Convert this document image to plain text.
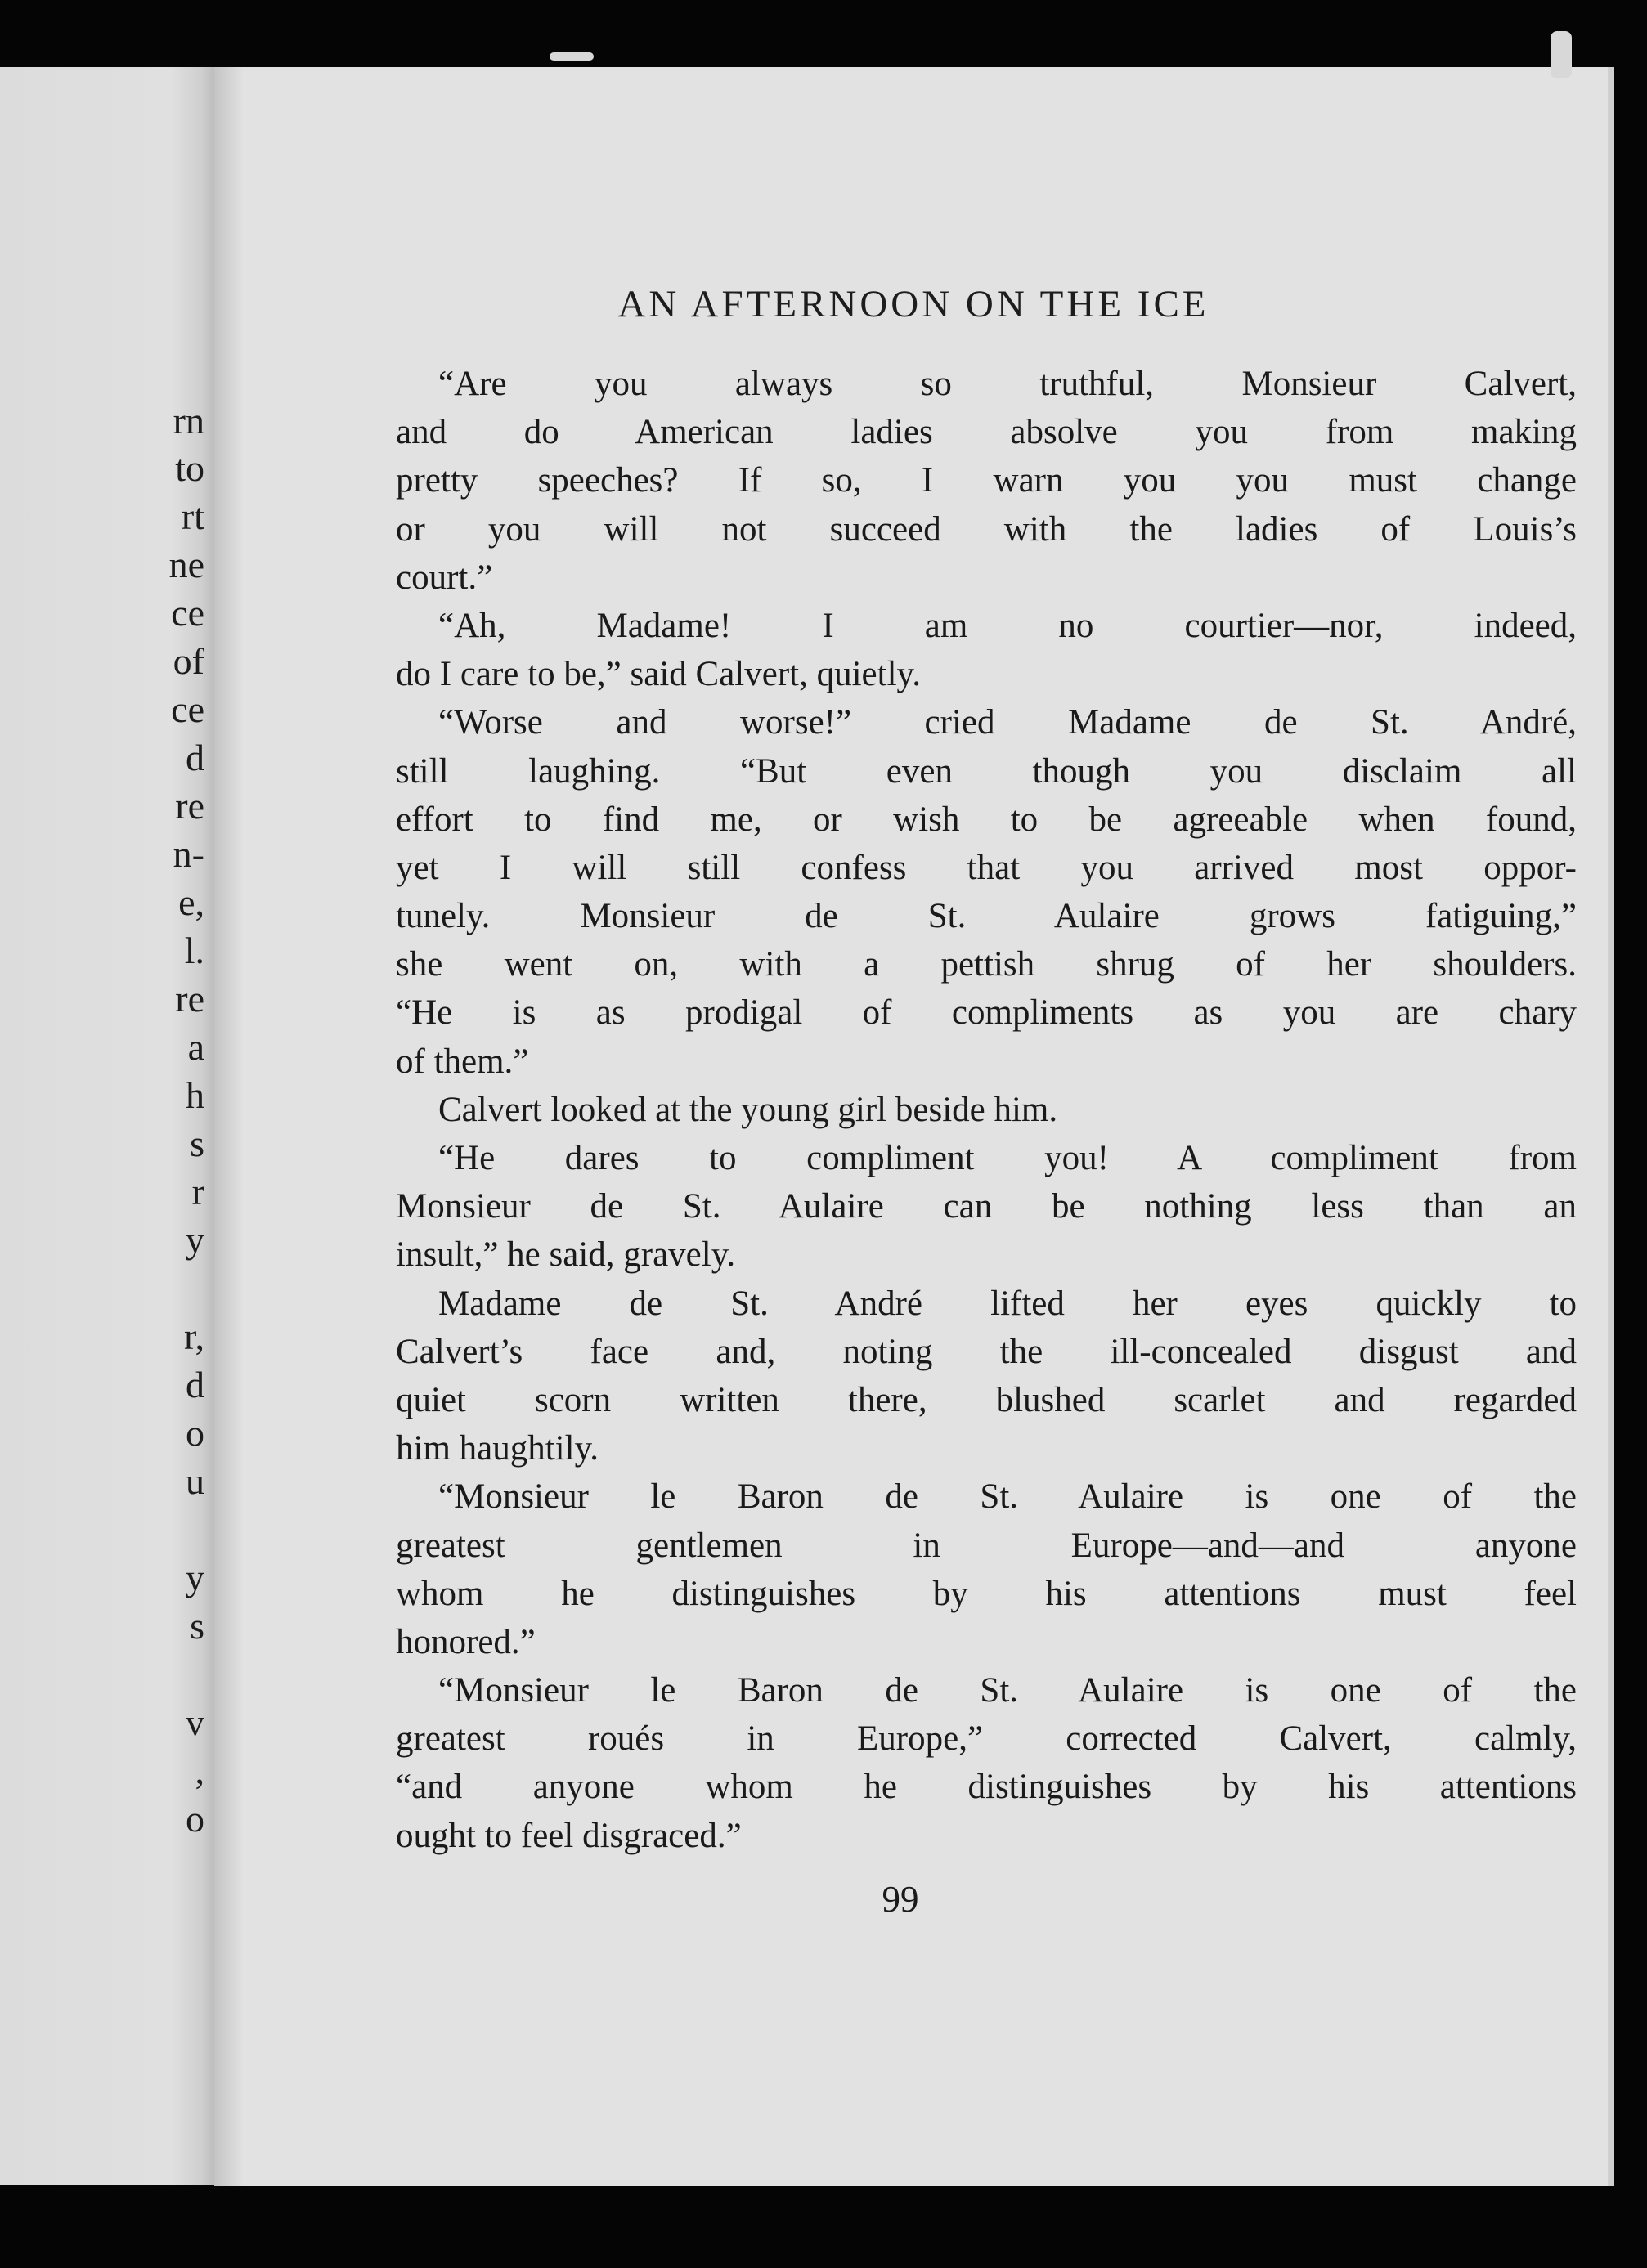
rn
to
rt
ne
ce
of
ce
d
re
n-
e,
l.
re
a
h
s
r
y
r,
d
o
u
y
s
v
,
o
AN AFTERNOON ON THE ICE
“Are you always so truthful, Monsieur Calvert,
and do American ladies absolve you from making
pretty speeches? If so, I warn you you must change
or you will not succeed with the ladies of Louis’s
court.”
“Ah, Madame! I am no courtier—nor, indeed,
do I care to be,” said Calvert, quietly.
“Worse and worse!” cried Madame de St. André,
still laughing. “But even though you disclaim all
effort to find me, or wish to be agreeable when found,
yet I will still confess that you arrived most oppor-
tunely. Monsieur de St. Aulaire grows fatiguing,”
she went on, with a pettish shrug of her shoulders.
“He is as prodigal of compliments as you are chary
of them.”
Calvert looked at the young girl beside him.
“He dares to compliment you! A compliment from
Monsieur de St. Aulaire can be nothing less than an
insult,” he said, gravely.
Madame de St. André lifted her eyes quickly to
Calvert’s face and, noting the ill-concealed disgust and
quiet scorn written there, blushed scarlet and regarded
him haughtily.
“Monsieur le Baron de St. Aulaire is one of the
greatest gentlemen in Europe—and—and anyone
whom he distinguishes by his attentions must feel
honored.”
“Monsieur le Baron de St. Aulaire is one of the
greatest roués in Europe,” corrected Calvert, calmly,
“and anyone whom he distinguishes by his attentions
ought to feel disgraced.”
99
